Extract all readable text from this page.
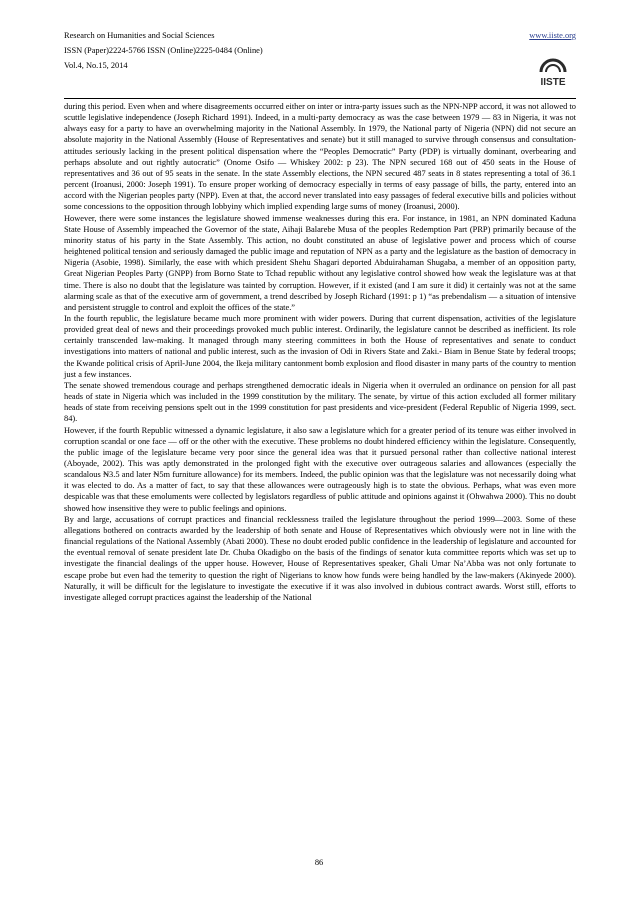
Research on Humanities and Social Sciences
ISSN (Paper)2224-5766 ISSN (Online)2225-0484 (Online)
Vol.4, No.15, 2014
www.iiste.org
IISTE

during this period. Even when and where disagreements occurred either on inter or intra-party issues such as the NPN-NPP accord, it was not allowed to scuttle legislative independence (Joseph Richard 1991). Indeed, in a multi-party democracy as was the case between 1979 — 83 in Nigeria, it was not always easy for a party to have an overwhelming majority in the National Assembly. In 1979, the National party of Nigeria (NPN) did not secure an absolute majority in the National Assembly (House of Representatives and senate) but it still managed to survive through consensus and consultation-attitudes seriously lacking in the present political dispensation where the “Peoples Democratic” Party (PDP) is virtually dominant, overbearing and perhaps absolute and out rightly autocratic” (Onome Osifo — Whiskey 2002: p 23). The NPN secured 168 out of 450 seats in the House of representatives and 36 out of 95 seats in the senate. In the state Assembly elections, the NPN secured 487 seats in 8 states representing a total of 36.1 percent (Iroanusi, 2000: Joseph 1991). To ensure proper working of democracy especially in terms of easy passage of bills, the party, entered into an accord with the Nigerian peoples party (NPP). Even at that, the accord never translated into easy passages of federal executive bills and policies without some concessions to the opposition through lobbyiny which implied expending large sums of money (Iroanusi, 2000).

However, there were some instances the legislature showed immense weaknesses during this era. For instance, in 1981, an NPN dominated Kaduna State House of Assembly impeached the Governor of the state, Aihaji Balarebe Musa of the peoples Redemption Part (PRP) primarily because of the minority status of his party in the State Assembly. This action, no doubt constituted an abuse of legislative power and process which of course heightened political tension and seriously damaged the public image and reputation of NPN as a party and the legislature as the bastion of democracy in Nigeria (Asobie, 1998). Similarly, the ease with which president Shehu Shagari deported Abduirahaman Shugaba, a member of an opposition party, Great Nigerian Peoples Party (GNPP) from Borno State to Tchad republic without any legislative control showed how weak the legislature was at that time. There is also no doubt that the legislature was tainted by corruption. However, if it existed (and I am sure it did) it certainly was not at the same alarming scale as that of the executive arm of government, a trend described by Joseph Richard (1991: p 1) “as prebendalism — a situation of intensive and persistent struggle to control and exploit the offices of the state.”

In the fourth republic, the legislature became much more prominent with wider powers. During that current dispensation, activities of the legislature provided great deal of news and their proceedings provoked much public interest. Ordinarily, the legislature cannot be described as inefficient. Its role certainly transcended law-making. It managed through many steering committees in both the House of representatives and senate to conduct investigations into matters of national and public interest, such as the invasion of Odi in Rivers State and Zaki.- Biam in Benue State by federal troops; the Kwande political crisis of April-June 2004, the Ikeja military cantonment bomb explosion and flood disaster in many parts of the country to mention just a few instances.

The senate showed tremendous courage and perhaps strengthened democratic ideals in Nigeria when it overruled an ordinance on pension for all past heads of state in Nigeria which was included in the 1999 constitution by the military. The senate, by virtue of this action excluded all former military heads of state from receiving pensions spelt out in the 1999 constitution for past presidents and vice-president (Federal Republic of Nigeria 1999, sect. 84).

However, if the fourth Republic witnessed a dynamic legislature, it also saw a legislature which for a greater period of its tenure was either involved in corruption scandal or one face — off or the other with the executive. These problems no doubt hindered efficiency within the legislature. Consequently, the public image of the legislature became very poor since the general idea was that it pursued personal rather than collective national interest (Aboyade, 2002). This was aptly demonstrated in the prolonged fight with the executive over outrageous salaries and allowances (especially the scandalous ₦3.5 and later ₦5m furniture allowance) for its members. Indeed, the public opinion was that the legislature was not necessarily doing what it was elected to do. As a matter of fact, to say that these allowances were outrageously high is to state the obvious. Perhaps, what was even more despicable was that these emoluments were collected by legislators regardless of public attitude and opinions against it (Ohwahwa 2000). This no doubt showed how insensitive they were to public feelings and opinions.

By and large, accusations of corrupt practices and financial recklessness trailed the legislature throughout the period 1999—2003. Some of these allegations bothered on contracts awarded by the leadership of both senate and House of Representatives which obviously were not in line with the financial regulations of the National Assembly (Abati 2000). These no doubt eroded public confidence in the leadership of legislature and accounted for the eventual removal of senate president late Dr. Chuba Okadigbo on the basis of the findings of senator kuta committee reports which was set up to investigate the financial dealings of the upper house. However, House of Representatives speaker, Ghali Umar Na’Abba was not only fortunate to escape probe but even had the temerity to question the right of Nigerians to know how funds were being handled by the law-makers (Akinyede 2000). Naturally, it will be difficult for the legislature to investigate the executive if it was also involved in dubious contract awards. Worst still, efforts to investigate alleged corrupt practices against the leadership of the National

86
